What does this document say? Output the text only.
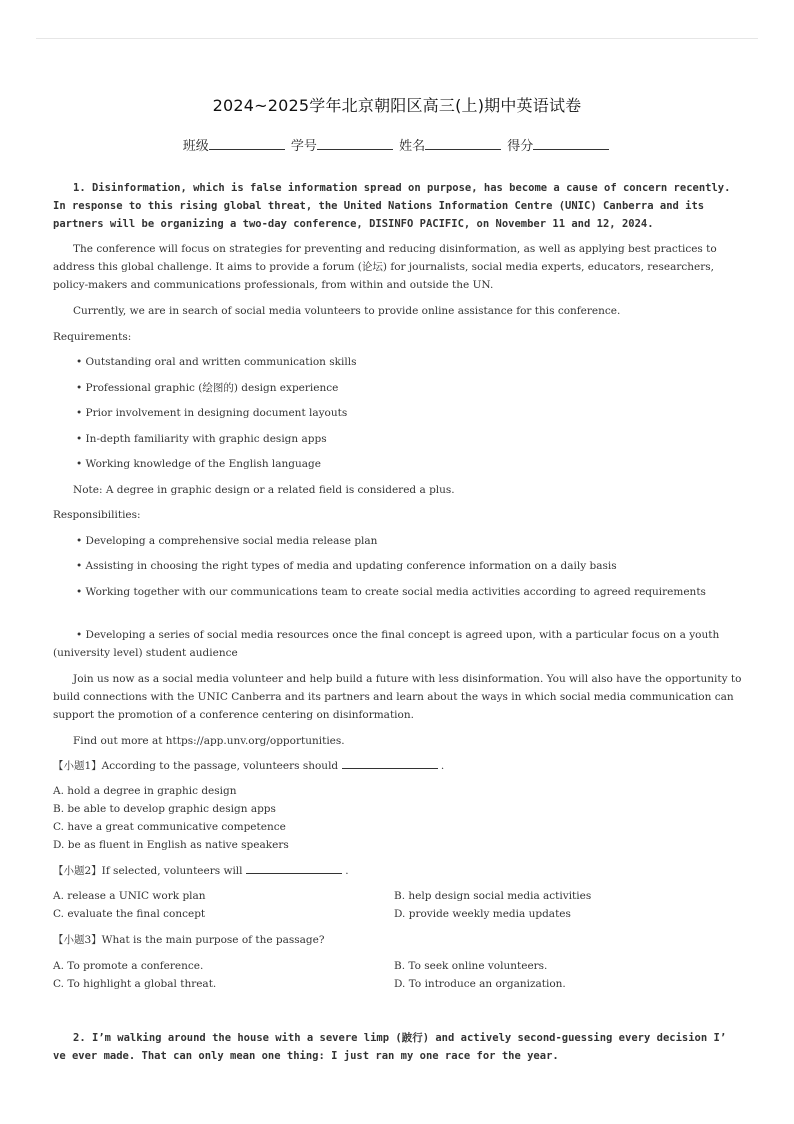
2024~2025学年北京朝阳区高三(上)期中英语试卷
班级	学号	姓名	得分
1. Disinformation, which is false information spread on purpose, has become a cause of concern recently. In response to this rising global threat, the United Nations Information Centre (UNIC) Canberra and its partners will be organizing a two-day conference, DISINFO PACIFIC, on November 11 and 12, 2024.
The conference will focus on strategies for preventing and reducing disinformation, as well as applying best practices to address this global challenge. It aims to provide a forum (论坛) for journalists, social media experts, educators, researchers, policy-makers and communications professionals, from within and outside the UN.
Currently, we are in search of social media volunteers to provide online assistance for this conference.
Requirements:
• Outstanding oral and written communication skills
• Professional graphic (绘图的) design experience
• Prior involvement in designing document layouts
• In-depth familiarity with graphic design apps
• Working knowledge of the English language
Note: A degree in graphic design or a related field is considered a plus.
Responsibilities:
• Developing a comprehensive social media release plan
• Assisting in choosing the right types of media and updating conference information on a daily basis
• Working together with our communications team to create social media activities according to agreed requirements
• Developing a series of social media resources once the final concept is agreed upon, with a particular focus on a youth (university level) student audience
Join us now as a social media volunteer and help build a future with less disinformation. You will also have the opportunity to build connections with the UNIC Canberra and its partners and learn about the ways in which social media communication can support the promotion of a conference centering on disinformation.
Find out more at https://app.unv.org/opportunities.
【小题1】According to the passage, volunteers should	.
A. hold a degree in graphic design
B. be able to develop graphic design apps
C. have a great communicative competence
D. be as fluent in English as native speakers
【小题2】If selected, volunteers will	.
A. release a UNIC work plan	B. help design social media activities
C. evaluate the final concept	D. provide weekly media updates
【小题3】What is the main purpose of the passage?
A. To promote a conference.	B. To seek online volunteers.
C. To highlight a global threat.	D. To introduce an organization.
2. I’m walking around the house with a severe limp (跛行) and actively second-guessing every decision I’ ve ever made. That can only mean one thing: I just ran my one race for the year.
